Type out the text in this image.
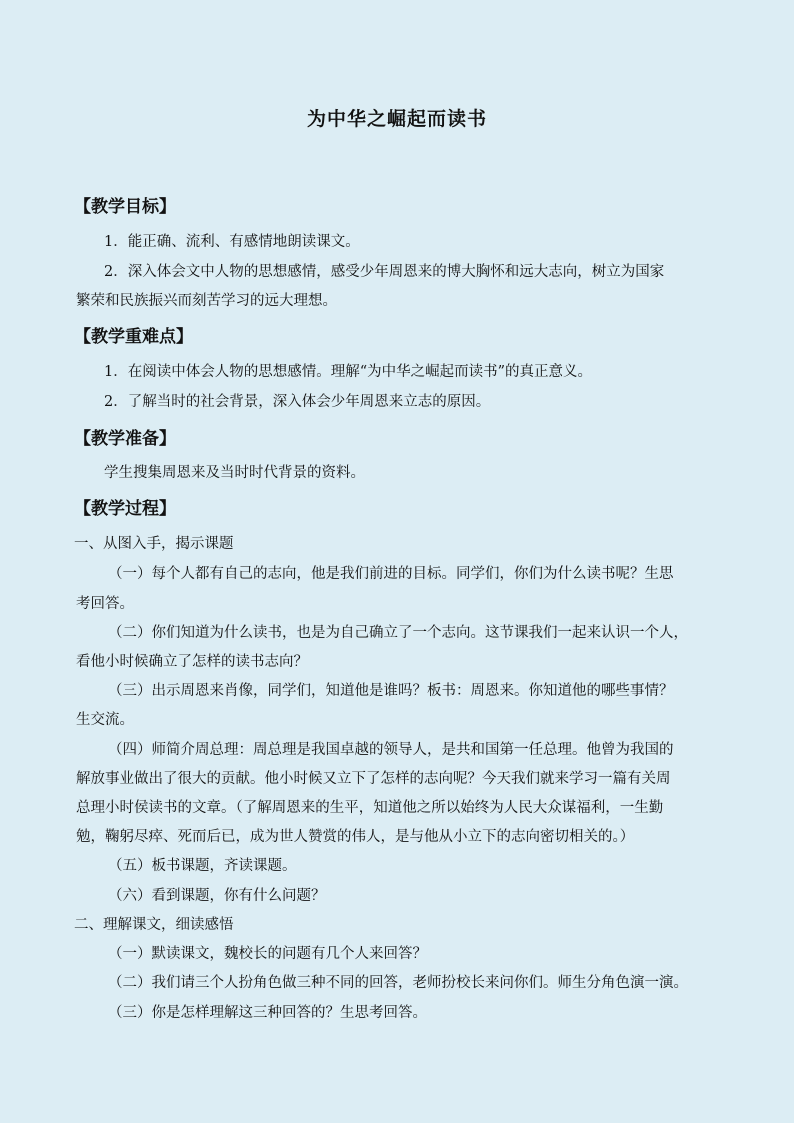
为中华之崛起而读书
【教学目标】
1．能正确、流利、有感情地朗读课文。
2．深入体会文中人物的思想感情，感受少年周恩来的博大胸怀和远大志向，树立为国家
繁荣和民族振兴而刻苦学习的远大理想。
【教学重难点】
1．在阅读中体会人物的思想感情。理解“为中华之崛起而读书”的真正意义。
2．了解当时的社会背景，深入体会少年周恩来立志的原因。
【教学准备】
学生搜集周恩来及当时时代背景的资料。
【教学过程】
一、从图入手，揭示课题
（一）每个人都有自己的志向，他是我们前进的目标。同学们，你们为什么读书呢？生思
考回答。
（二）你们知道为什么读书，也是为自己确立了一个志向。这节课我们一起来认识一个人，
看他小时候确立了怎样的读书志向？
（三）出示周恩来肖像，同学们，知道他是谁吗？板书：周恩来。你知道他的哪些事情？
生交流。
（四）师简介周总理：周总理是我国卓越的领导人，是共和国第一任总理。他曾为我国的
解放事业做出了很大的贡献。他小时候又立下了怎样的志向呢？今天我们就来学习一篇有关周
总理小时侯读书的文章。（了解周恩来的生平，知道他之所以始终为人民大众谋福利，一生勤
勉，鞠躬尽瘁、死而后已，成为世人赞赏的伟人，是与他从小立下的志向密切相关的。）
（五）板书课题，齐读课题。
（六）看到课题，你有什么问题？
二、理解课文，细读感悟
（一）默读课文，魏校长的问题有几个人来回答？
（二）我们请三个人扮角色做三种不同的回答，老师扮校长来问你们。师生分角色演一演。
（三）你是怎样理解这三种回答的？生思考回答。
